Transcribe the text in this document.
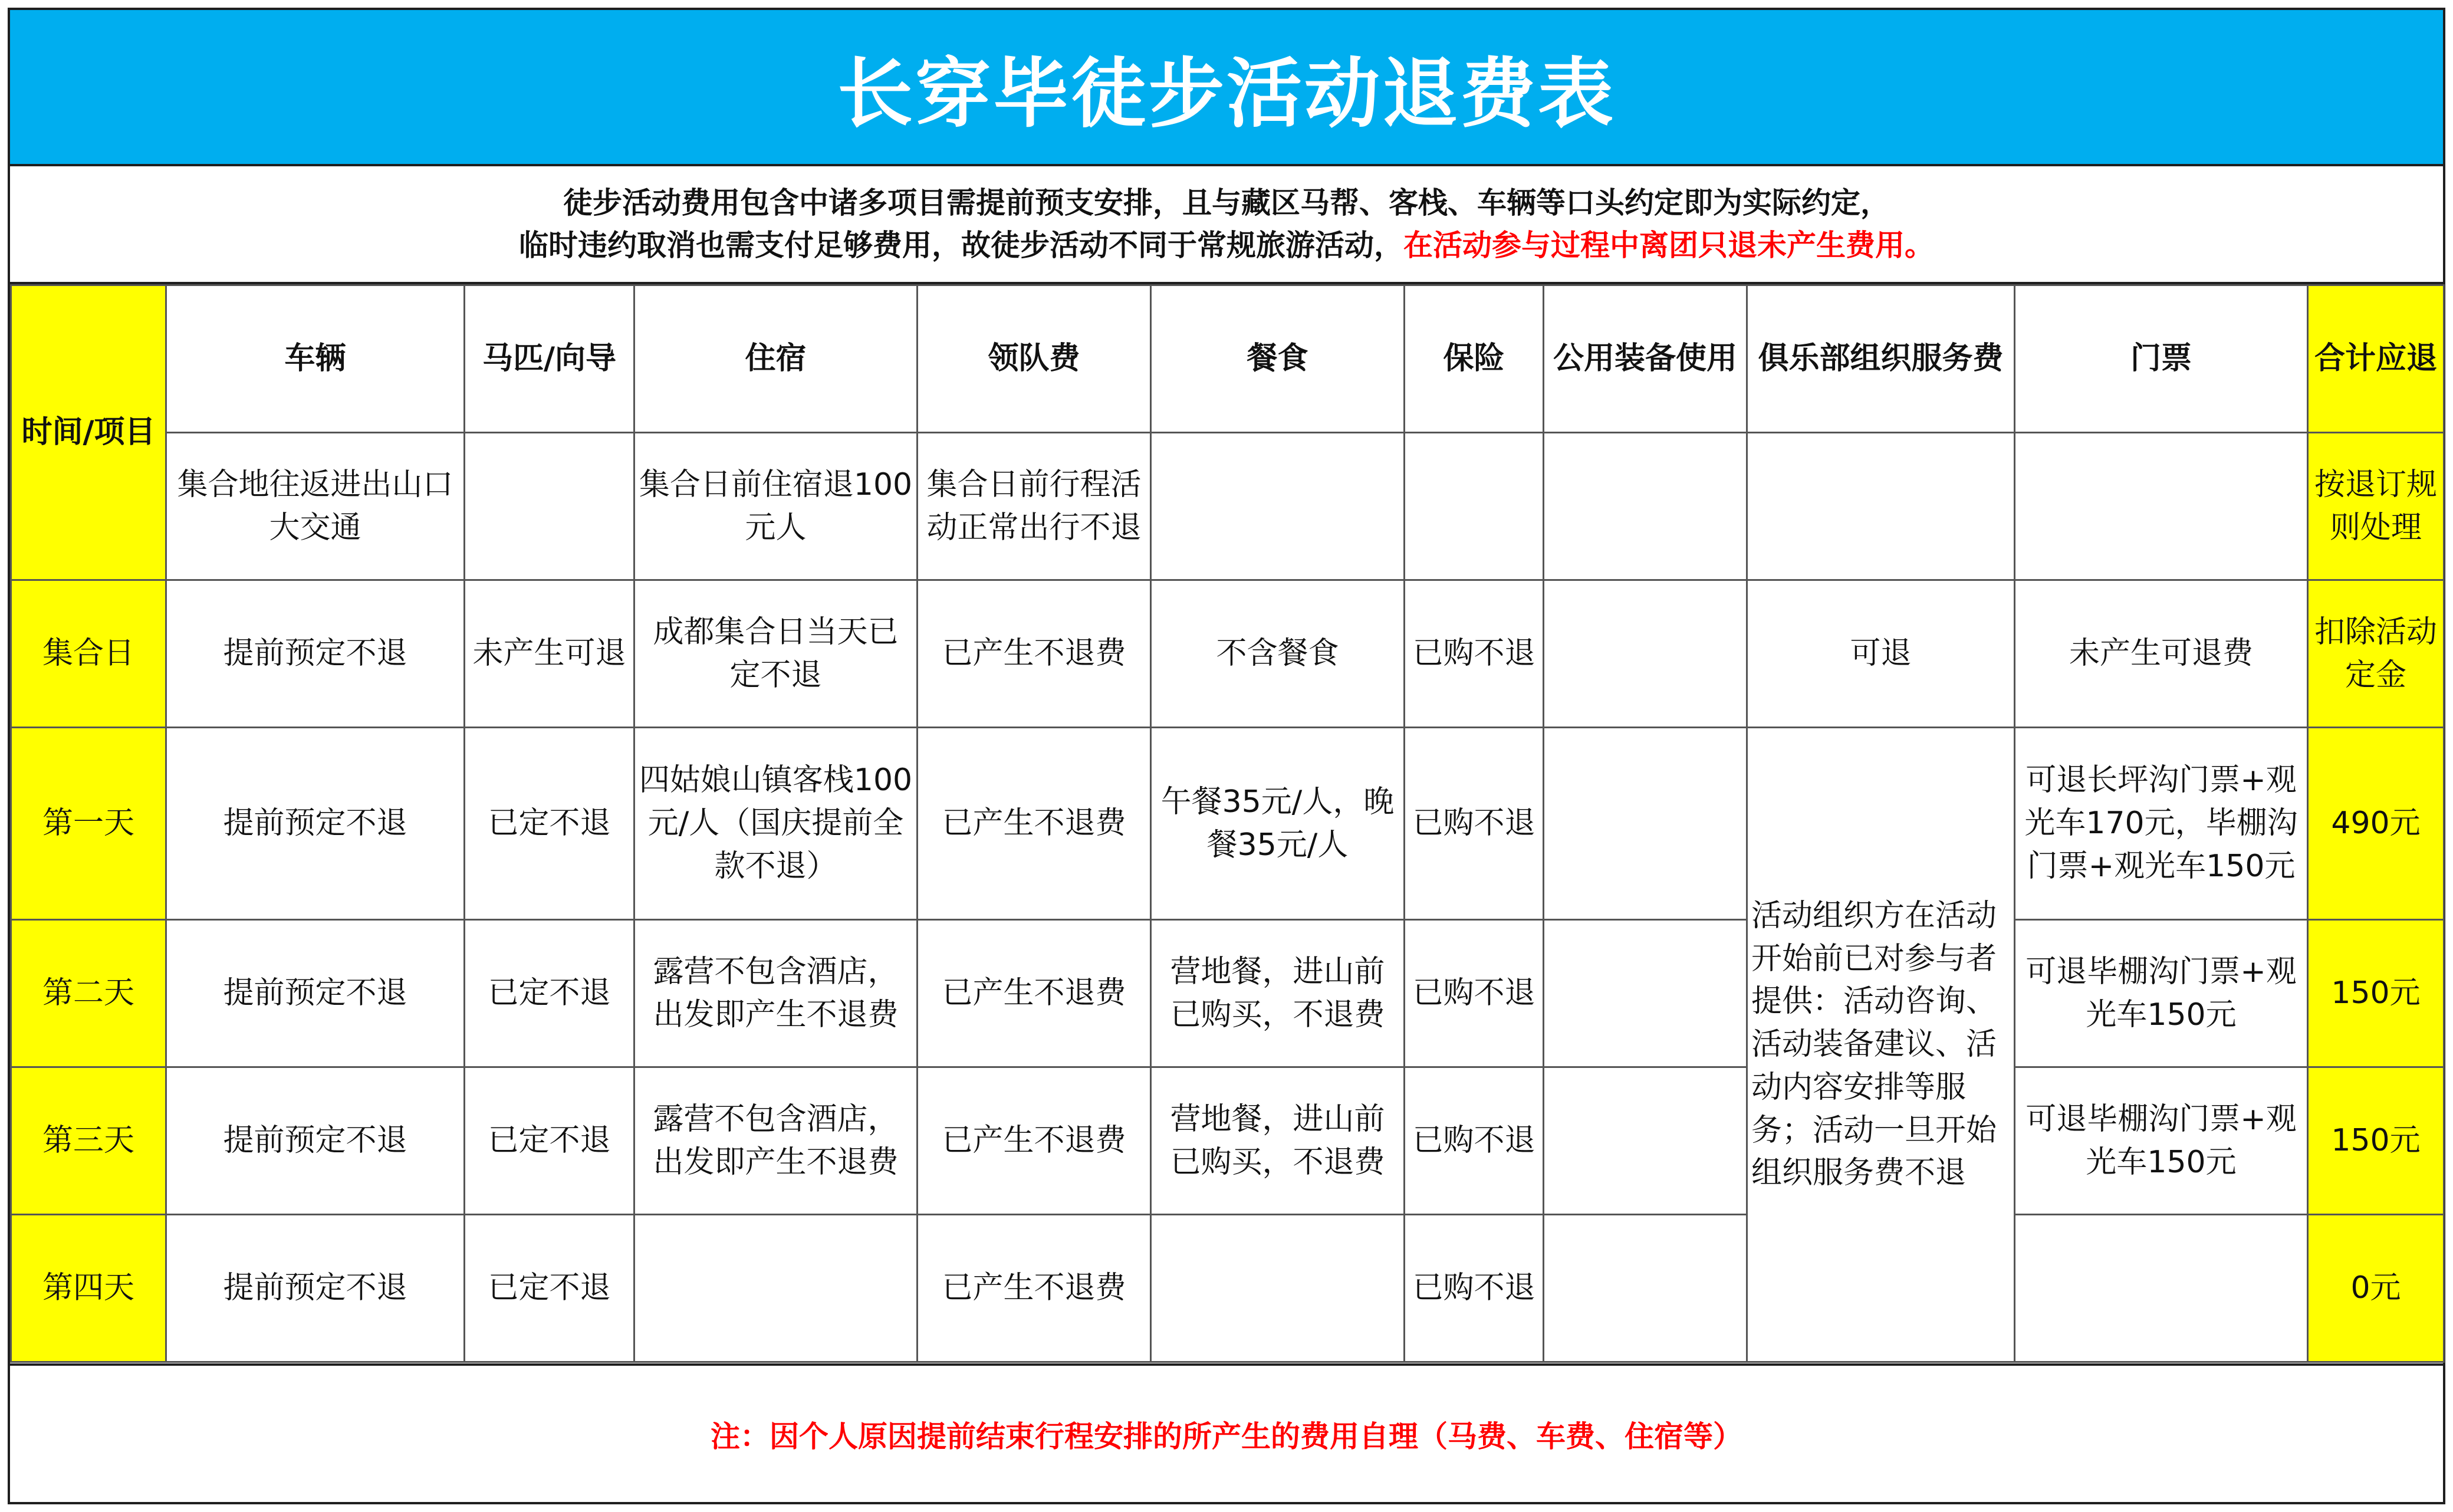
长穿毕徒步活动退费表
徒步活动费用包含中诸多项目需提前预支安排，且与藏区马帮、客栈、车辆等口头约定即为实际约定，
临时违约取消也需支付足够费用，故徒步活动不同于常规旅游活动，在活动参与过程中离团只退未产生费用。
时间/项目	车辆	马匹/向导	住宿	领队费	餐食	保险	公用装备使用	俱乐部组织服务费	门票	合计应退
	集合地往返进出山口大交通		集合日前住宿退100元人	集合日前行程活动正常出行不退						按退订规则处理
集合日	提前预定不退	未产生可退	成都集合日当天已定不退	已产生不退费	不含餐食	已购不退		可退	未产生可退费	扣除活动定金
第一天	提前预定不退	已定不退	四姑娘山镇客栈100元/人（国庆提前全款不退）	已产生不退费	午餐35元/人，晚餐35元/人	已购不退		活动组织方在活动开始前已对参与者提供：活动咨询、活动装备建议、活动内容安排等服务；活动一旦开始组织服务费不退	可退长坪沟门票+观光车170元，毕棚沟门票+观光车150元	490元
第二天	提前预定不退	已定不退	露营不包含酒店，出发即产生不退费	已产生不退费	营地餐，进山前已购买，不退费	已购不退			可退毕棚沟门票+观光车150元	150元
第三天	提前预定不退	已定不退	露营不包含酒店，出发即产生不退费	已产生不退费	营地餐，进山前已购买，不退费	已购不退			可退毕棚沟门票+观光车150元	150元
第四天	提前预定不退	已定不退		已产生不退费		已购不退				0元
注：因个人原因提前结束行程安排的所产生的费用自理（马费、车费、住宿等）
